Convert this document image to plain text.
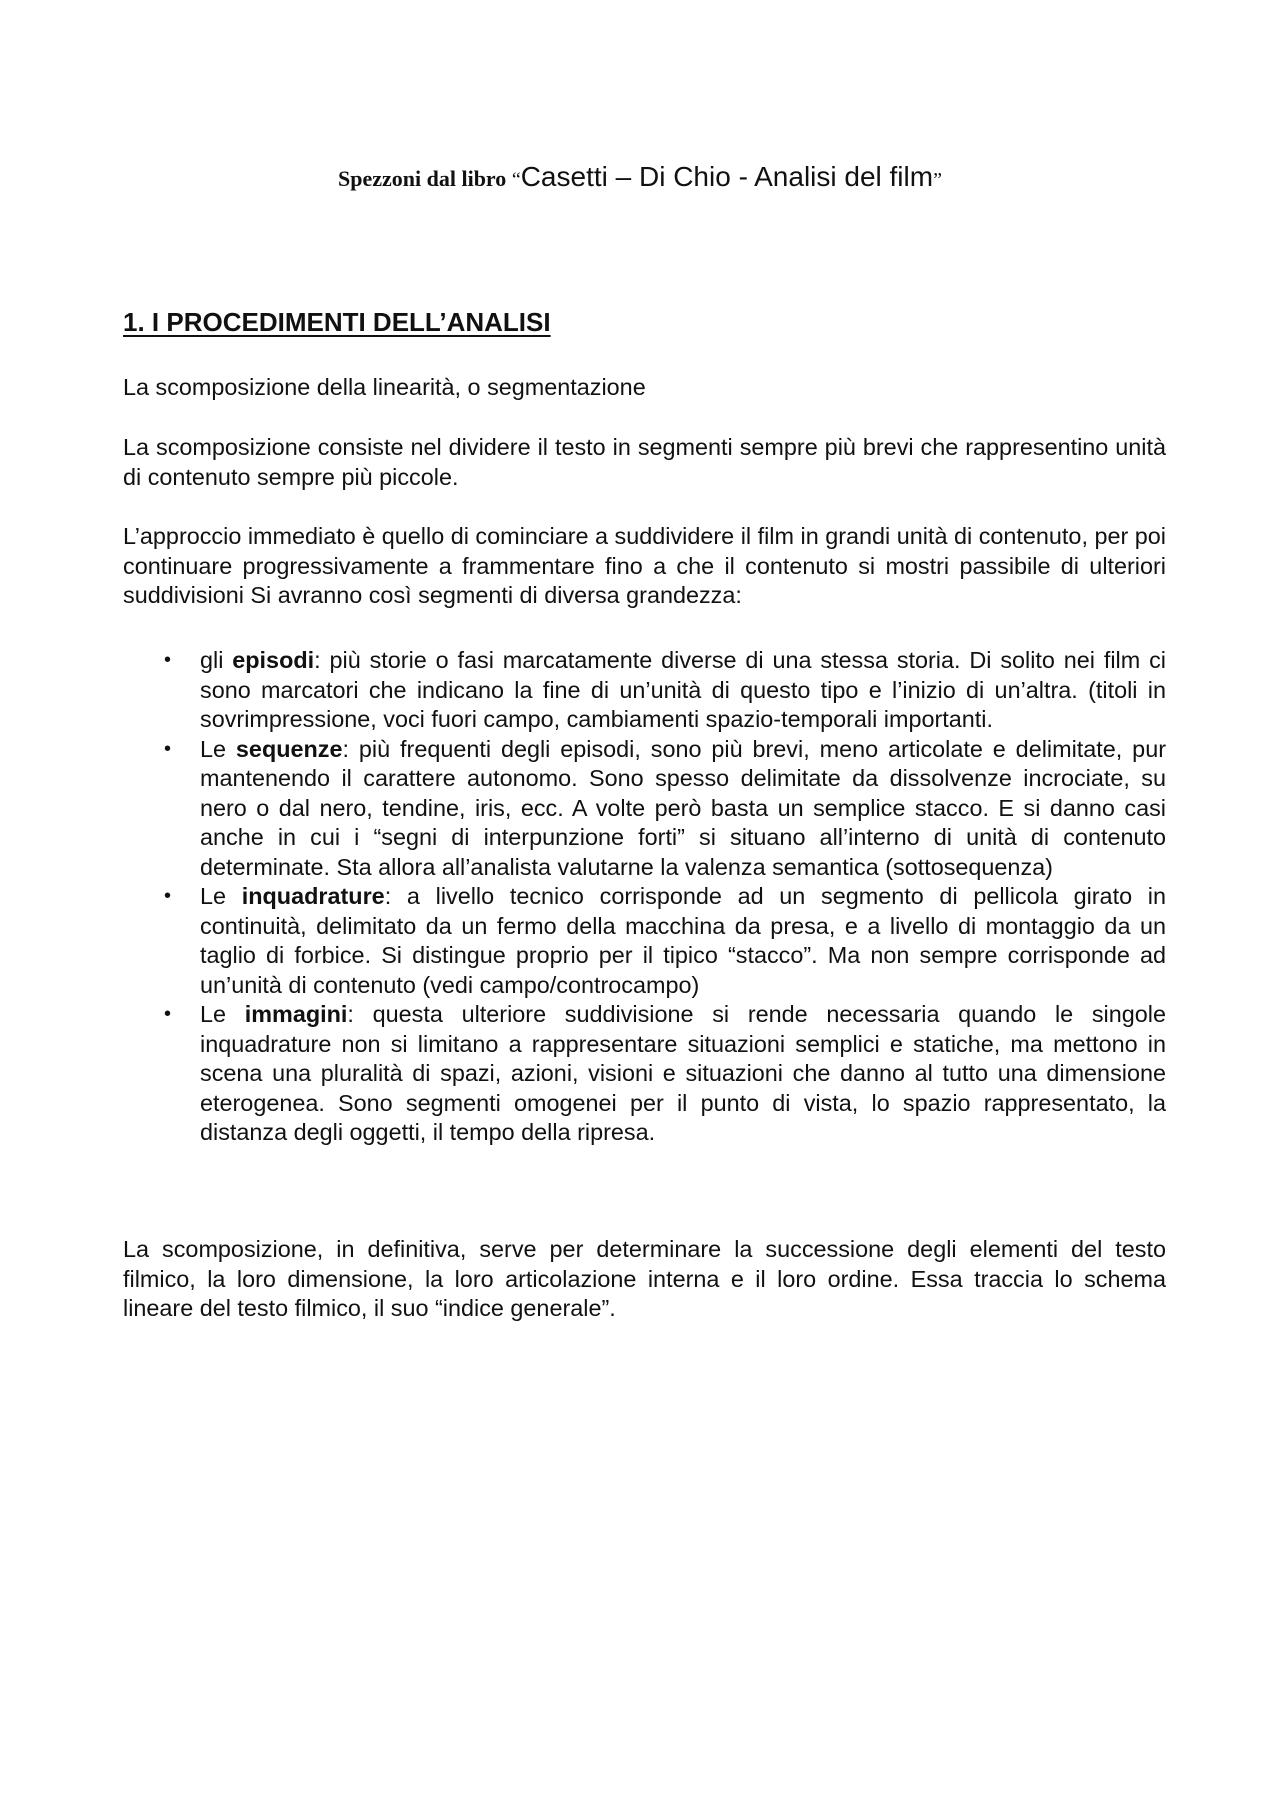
Spezzoni dal libro “Casetti – Di Chio - Analisi del film”
1. I PROCEDIMENTI DELL’ANALISI

La scomposizione della linearità, o segmentazione

La scomposizione consiste nel dividere il testo in segmenti sempre più brevi che rappresentino unità di contenuto sempre più piccole.

L’approccio immediato è quello di cominciare a suddividere il film in grandi unità di contenuto, per poi continuare progressivamente a frammentare fino a che il contenuto si mostri passibile di ulteriori suddivisioni Si avranno così segmenti di diversa grandezza:

• gli episodi: più storie o fasi marcatamente diverse di una stessa storia. Di solito nei film ci sono marcatori che indicano la fine di un’unità di questo tipo e l’inizio di un’altra. (titoli in sovrimpressione, voci fuori campo, cambiamenti spazio-temporali importanti.
• Le sequenze: più frequenti degli episodi, sono più brevi, meno articolate e delimitate, pur mantenendo il carattere autonomo. Sono spesso delimitate da dissolvenze incrociate, su nero o dal nero, tendine, iris, ecc. A volte però basta un semplice stacco. E si danno casi anche in cui i “segni di interpunzione forti” si situano all’interno di unità di contenuto determinate. Sta allora all’analista valutarne la valenza semantica (sottosequenza)
• Le inquadrature: a livello tecnico corrisponde ad un segmento di pellicola girato in continuità, delimitato da un fermo della macchina da presa, e a livello di montaggio da un taglio di forbice. Si distingue proprio per il tipico “stacco”. Ma non sempre corrisponde ad un’unità di contenuto (vedi campo/controcampo)
• Le immagini: questa ulteriore suddivisione si rende necessaria quando le singole inquadrature non si limitano a rappresentare situazioni semplici e statiche, ma mettono in scena una pluralità di spazi, azioni, visioni e situazioni che danno al tutto una dimensione eterogenea. Sono segmenti omogenei per il punto di vista, lo spazio rappresentato, la distanza degli oggetti, il tempo della ripresa.

La scomposizione, in definitiva, serve per determinare la successione degli elementi del testo filmico, la loro dimensione, la loro articolazione interna e il loro ordine. Essa traccia lo schema lineare del testo filmico, il suo “indice generale”.
